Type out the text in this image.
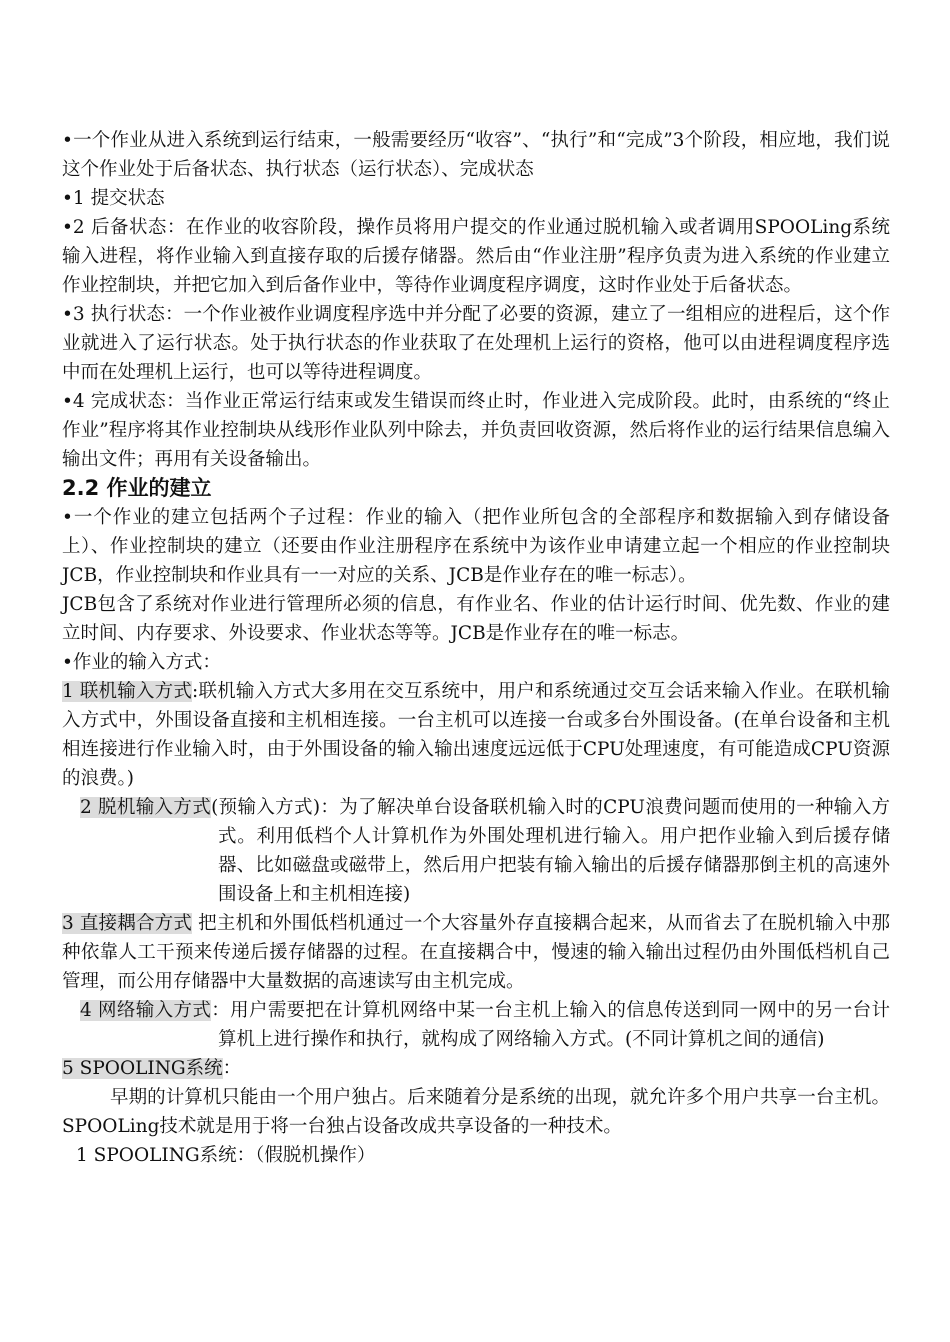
•一个作业从进入系统到运行结束，一般需要经历“收容”、“执行”和“完成”3个阶段，相应地，我们说这个作业处于后备状态、执行状态（运行状态）、完成状态

•1 提交状态

•2 后备状态：在作业的收容阶段，操作员将用户提交的作业通过脱机输入或者调用SPOOLing系统输入进程，将作业输入到直接存取的后援存储器。然后由“作业注册”程序负责为进入系统的作业建立作业控制块，并把它加入到后备作业中，等待作业调度程序调度，这时作业处于后备状态。

•3 执行状态：一个作业被作业调度程序选中并分配了必要的资源，建立了一组相应的进程后，这个作业就进入了运行状态。处于执行状态的作业获取了在处理机上运行的资格，他可以由进程调度程序选中而在处理机上运行，也可以等待进程调度。

•4 完成状态：当作业正常运行结束或发生错误而终止时，作业进入完成阶段。此时，由系统的“终止作业”程序将其作业控制块从线形作业队列中除去，并负责回收资源，然后将作业的运行结果信息编入输出文件；再用有关设备输出。

2.2 作业的建立

•一个作业的建立包括两个子过程：作业的输入（把作业所包含的全部程序和数据输入到存储设备上）、作业控制块的建立（还要由作业注册程序在系统中为该作业申请建立起一个相应的作业控制块JCB，作业控制块和作业具有一一对应的关系、JCB是作业存在的唯一标志）。

JCB包含了系统对作业进行管理所必须的信息，有作业名、作业的估计运行时间、优先数、作业的建立时间、内存要求、外设要求、作业状态等等。JCB是作业存在的唯一标志。

•作业的输入方式：

1 联机输入方式:联机输入方式大多用在交互系统中，用户和系统通过交互会话来输入作业。在联机输入方式中，外围设备直接和主机相连接。一台主机可以连接一台或多台外围设备。(在单台设备和主机相连接进行作业输入时，由于外围设备的输入输出速度远远低于CPU处理速度，有可能造成CPU资源的浪费。)

2 脱机输入方式(预输入方式)：为了解决单台设备联机输入时的CPU浪费问题而使用的一种输入方式。利用低档个人计算机作为外围处理机进行输入。用户把作业输入到后援存储器、比如磁盘或磁带上，然后用户把装有输入输出的后援存储器那倒主机的高速外围设备上和主机相连接)

3 直接耦合方式 把主机和外围低档机通过一个大容量外存直接耦合起来，从而省去了在脱机输入中那种依靠人工干预来传递后援存储器的过程。在直接耦合中，慢速的输入输出过程仍由外围低档机自己管理，而公用存储器中大量数据的高速读写由主机完成。

4 网络输入方式：用户需要把在计算机网络中某一台主机上输入的信息传送到同一网中的另一台计算机上进行操作和执行，就构成了网络输入方式。(不同计算机之间的通信)

5 SPOOLING系统：

早期的计算机只能由一个用户独占。后来随着分是系统的出现，就允许多个用户共享一台主机。SPOOLing技术就是用于将一台独占设备改成共享设备的一种技术。

1 SPOOLING系统：（假脱机操作）
